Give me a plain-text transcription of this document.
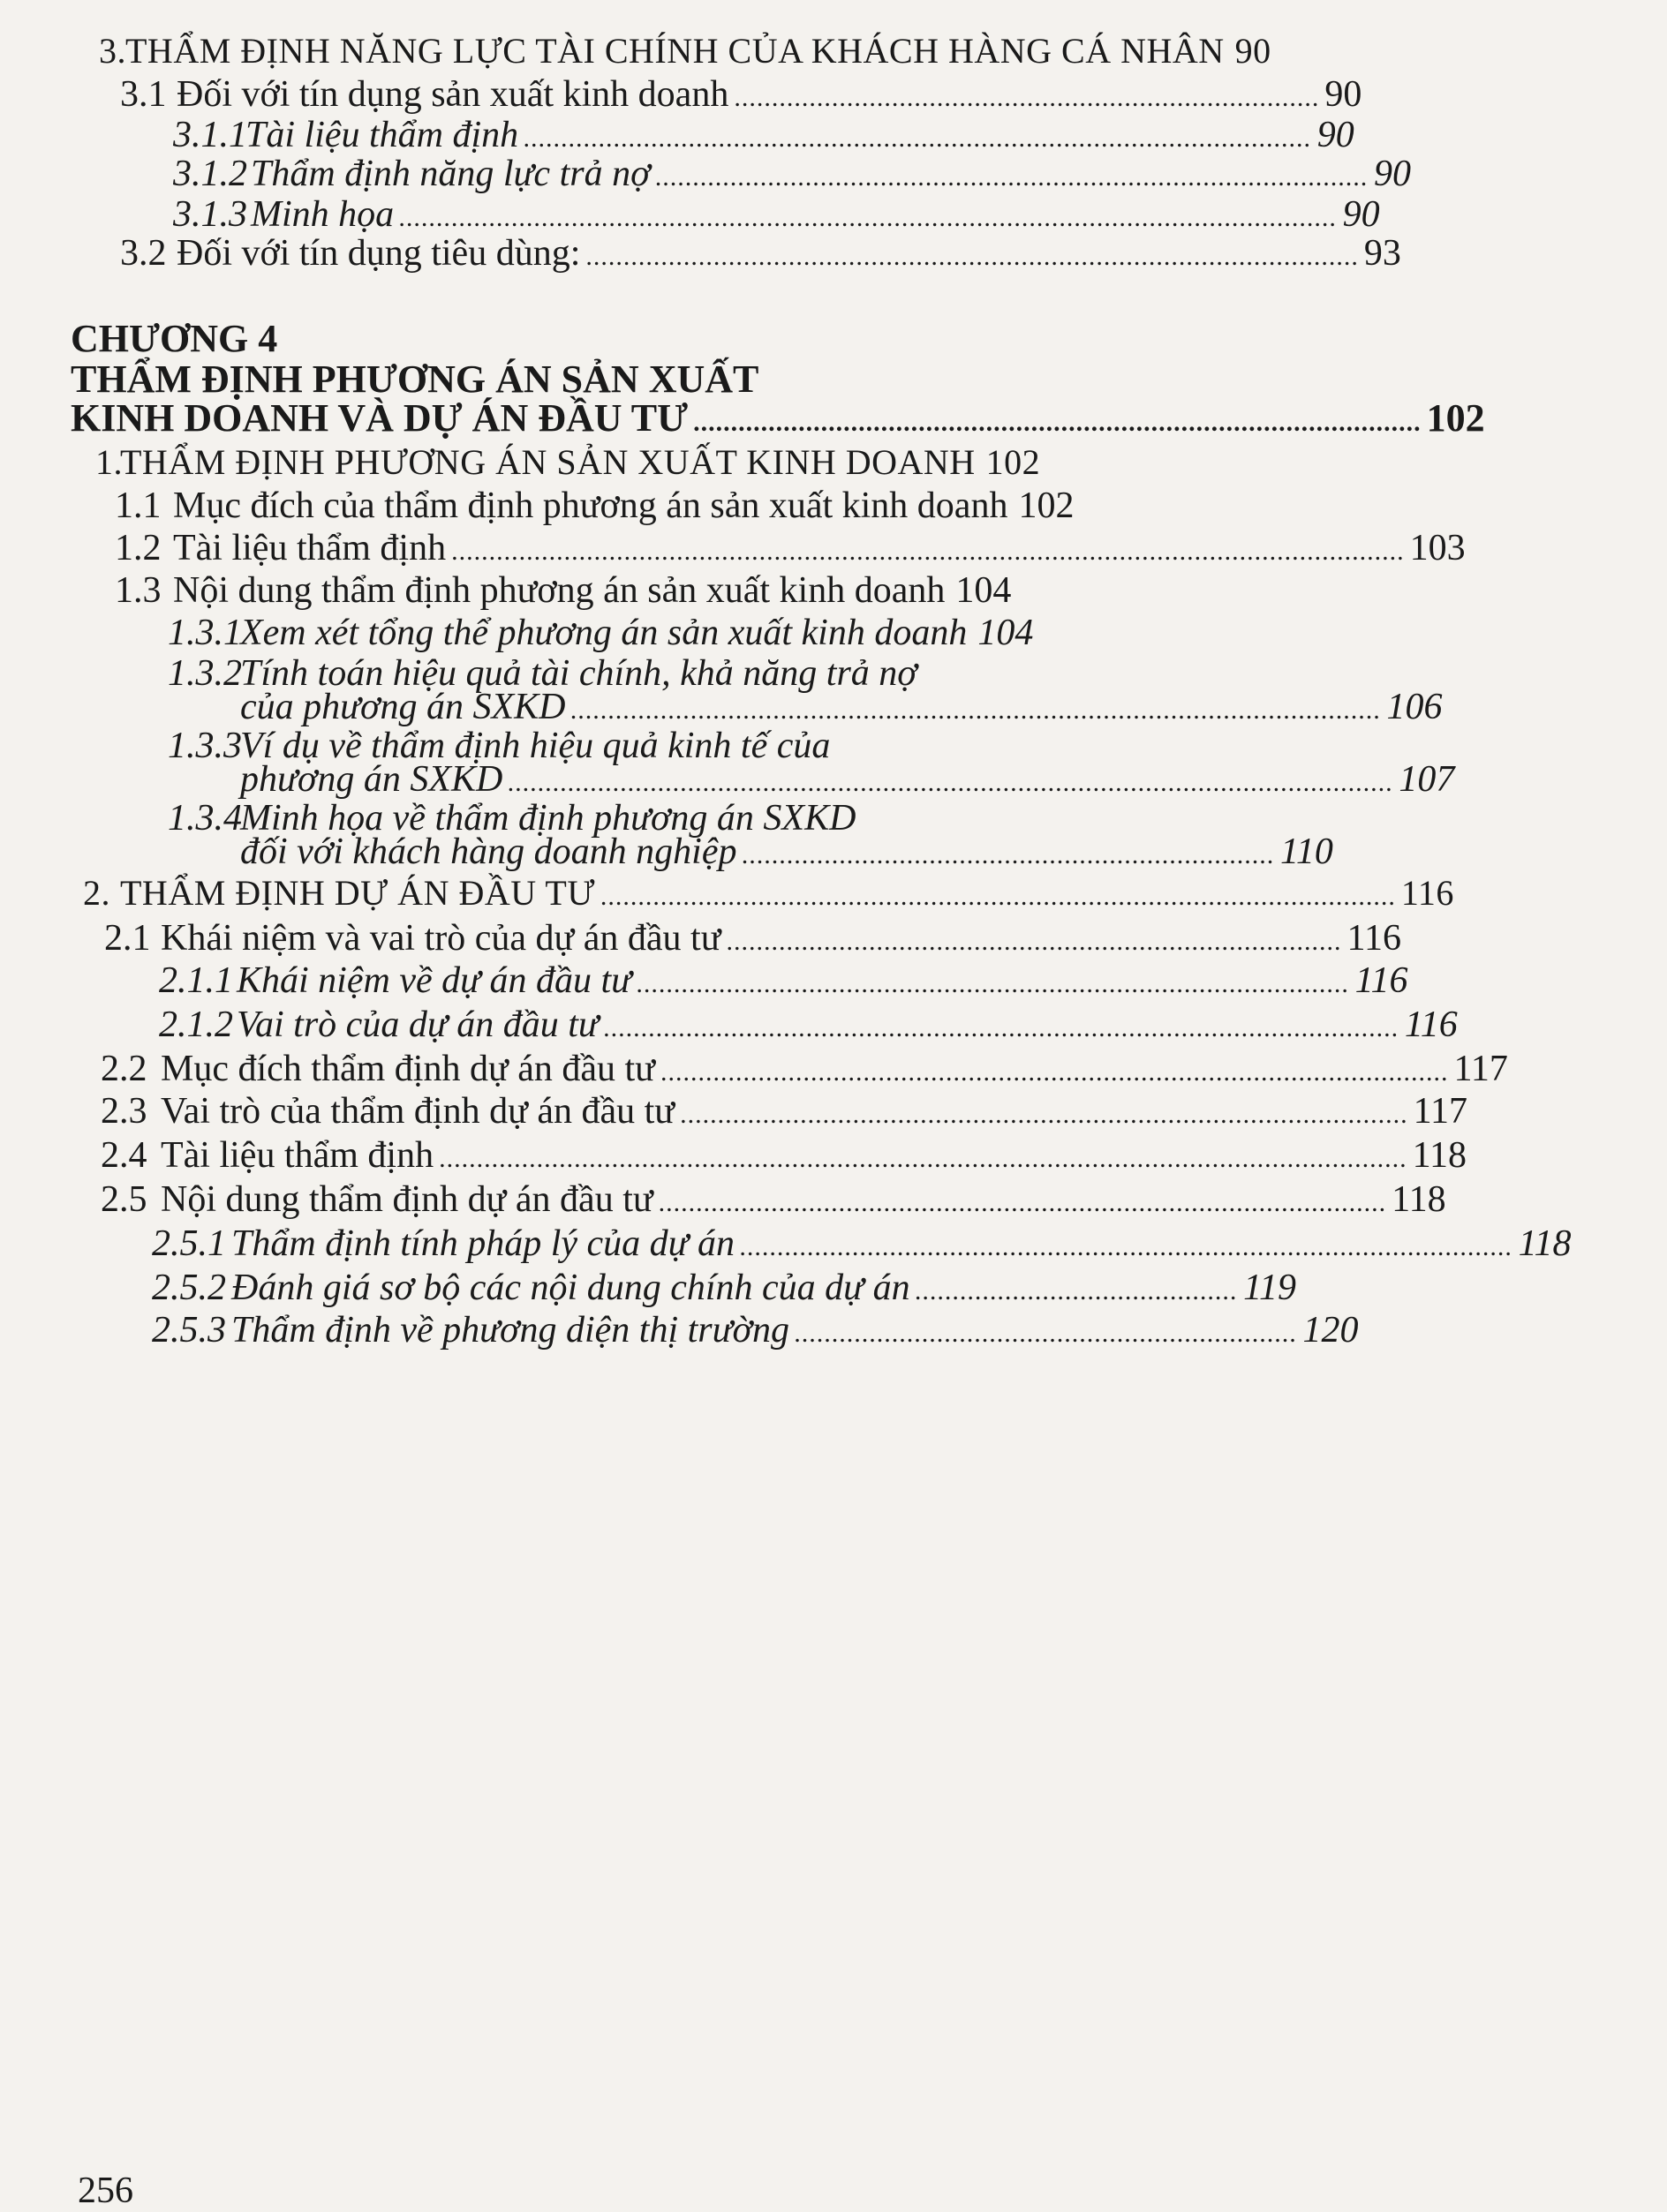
3. THẨM ĐỊNH NĂNG LỰC TÀI CHÍNH CỦA KHÁCH HÀNG CÁ NHÂN 90
3.1 Đối với tín dụng sản xuất kinh doanh .............................................................................. 90
3.1.1
Tài liệu thẩm định ......................................................................................................... 90
3.1.2 Thẩm định năng lực trả nợ ............................................................................................... 90
3.1.3 Minh họa ............................................................................................................................. 90
3.2 Đối với tín dụng tiêu dùng: ....................................................................................................... 93
CHƯƠNG 4
THẨM ĐỊNH PHƯƠNG ÁN SẢN XUẤT
KINH DOANH VÀ DỰ ÁN ĐẦU TƯ ................................................................................................. 102
1.
THẨM ĐỊNH PHƯƠNG ÁN SẢN XUẤT KINH DOANH 102
1.1 Mục đích của thẩm định phương án sản xuất kinh doanh 102
1.2 Tài liệu thẩm định ............................................................................................................................... 103
1.3 Nội dung thẩm định phương án sản xuất kinh doanh 104
1.3.1
Xem xét tổng thể phương án sản xuất kinh doanh 104
1.3.2Tính toán hiệu quả tài chính, khả năng trả nợ
của phương án SXKD ............................................................................................................ 106
1.3.3Ví dụ về thẩm định hiệu quả kinh tế của
phương án SXKD ...................................................................................................................... 107
1.3.4Minh họa về thẩm định phương án SXKD
đối với khách hàng doanh nghiệp ....................................................................... 110
2. THẨM ĐỊNH DỰ ÁN ĐẦU TƯ .......................................................................................................... 116
2.1 Khái niệm và vai trò của dự án đầu tư .................................................................................. 116
2.1.1 Khái niệm về dự án đầu tư ............................................................................................... 116
2.1.2 Vai trò của dự án đầu tư .......................................................................................................... 116
2.2 Mục đích thẩm định dự án đầu tư ......................................................................................................... 117
2.3 Vai trò của thẩm định dự án đầu tư ................................................................................................. 117
2.4 Tài liệu thẩm định ................................................................................................................................. 118
2.5 Nội dung thẩm định dự án đầu tư ................................................................................................. 118
2.5.1 Thẩm định tính pháp lý của dự án ....................................................................................................... 118
2.5.2 Đánh giá sơ bộ các nội dung chính của dự án ........................................... 119
2.5.3 Thẩm định về phương diện thị trường ................................................................... 120
256
